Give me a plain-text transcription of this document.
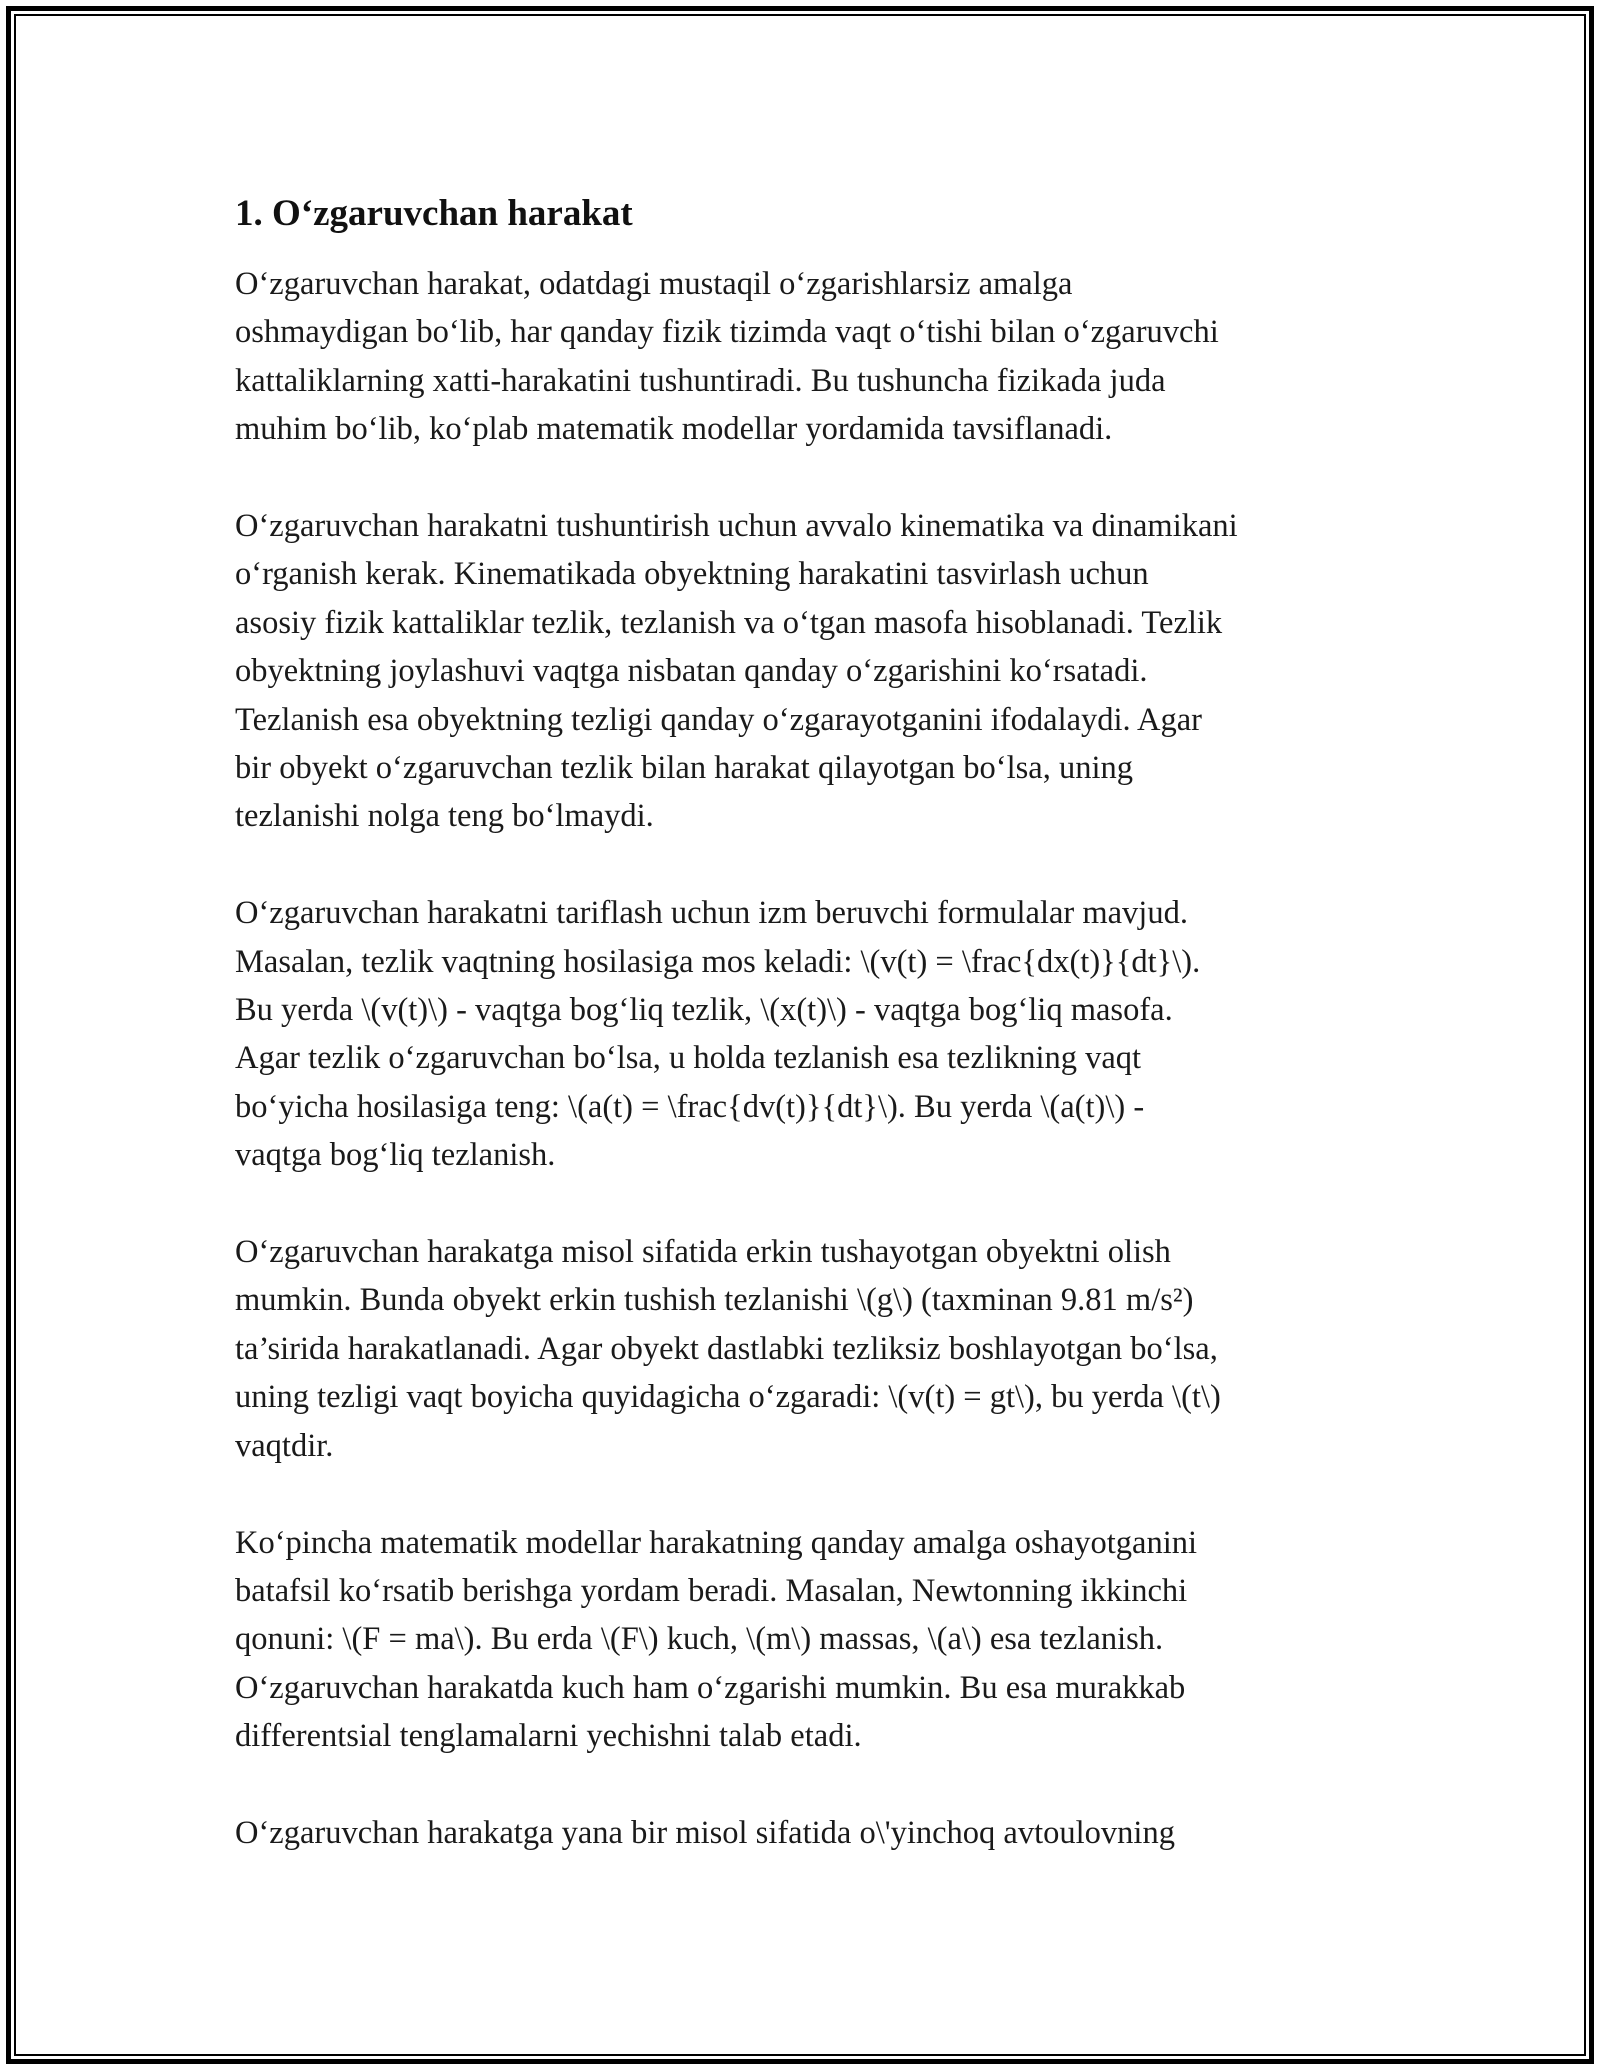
1. O‘zgaruvchan harakat
O‘zgaruvchan harakat, odatdagi mustaqil o‘zgarishlarsiz amalga
oshmaydigan bo‘lib, har qanday fizik tizimda vaqt o‘tishi bilan o‘zgaruvchi
kattaliklarning xatti-harakatini tushuntiradi. Bu tushuncha fizikada juda
muhim bo‘lib, ko‘plab matematik modellar yordamida tavsiflanadi.
O‘zgaruvchan harakatni tushuntirish uchun avvalo kinematika va dinamikani
o‘rganish kerak. Kinematikada obyektning harakatini tasvirlash uchun
asosiy fizik kattaliklar tezlik, tezlanish va o‘tgan masofa hisoblanadi. Tezlik
obyektning joylashuvi vaqtga nisbatan qanday o‘zgarishini ko‘rsatadi.
Tezlanish esa obyektning tezligi qanday o‘zgarayotganini ifodalaydi. Agar
bir obyekt o‘zgaruvchan tezlik bilan harakat qilayotgan bo‘lsa, uning
tezlanishi nolga teng bo‘lmaydi.
O‘zgaruvchan harakatni tariflash uchun izm beruvchi formulalar mavjud.
Masalan, tezlik vaqtning hosilasiga mos keladi: \(v(t) = \frac{dx(t)}{dt}\).
Bu yerda \(v(t)\) - vaqtga bog‘liq tezlik, \(x(t)\) - vaqtga bog‘liq masofa.
Agar tezlik o‘zgaruvchan bo‘lsa, u holda tezlanish esa tezlikning vaqt
bo‘yicha hosilasiga teng: \(a(t) = \frac{dv(t)}{dt}\). Bu yerda \(a(t)\) -
vaqtga bog‘liq tezlanish.
O‘zgaruvchan harakatga misol sifatida erkin tushayotgan obyektni olish
mumkin. Bunda obyekt erkin tushish tezlanishi \(g\) (taxminan 9.81 m/s²)
ta’sirida harakatlanadi. Agar obyekt dastlabki tezliksiz boshlayotgan bo‘lsa,
uning tezligi vaqt boyicha quyidagicha o‘zgaradi: \(v(t) = gt\), bu yerda \(t\)
vaqtdir.
Ko‘pincha matematik modellar harakatning qanday amalga oshayotganini
batafsil ko‘rsatib berishga yordam beradi. Masalan, Newtonning ikkinchi
qonuni: \(F = ma\). Bu erda \(F\) kuch, \(m\) massas, \(a\) esa tezlanish.
O‘zgaruvchan harakatda kuch ham o‘zgarishi mumkin. Bu esa murakkab
differentsial tenglamalarni yechishni talab etadi.
O‘zgaruvchan harakatga yana bir misol sifatida o\'yinchoq avtoulovning
